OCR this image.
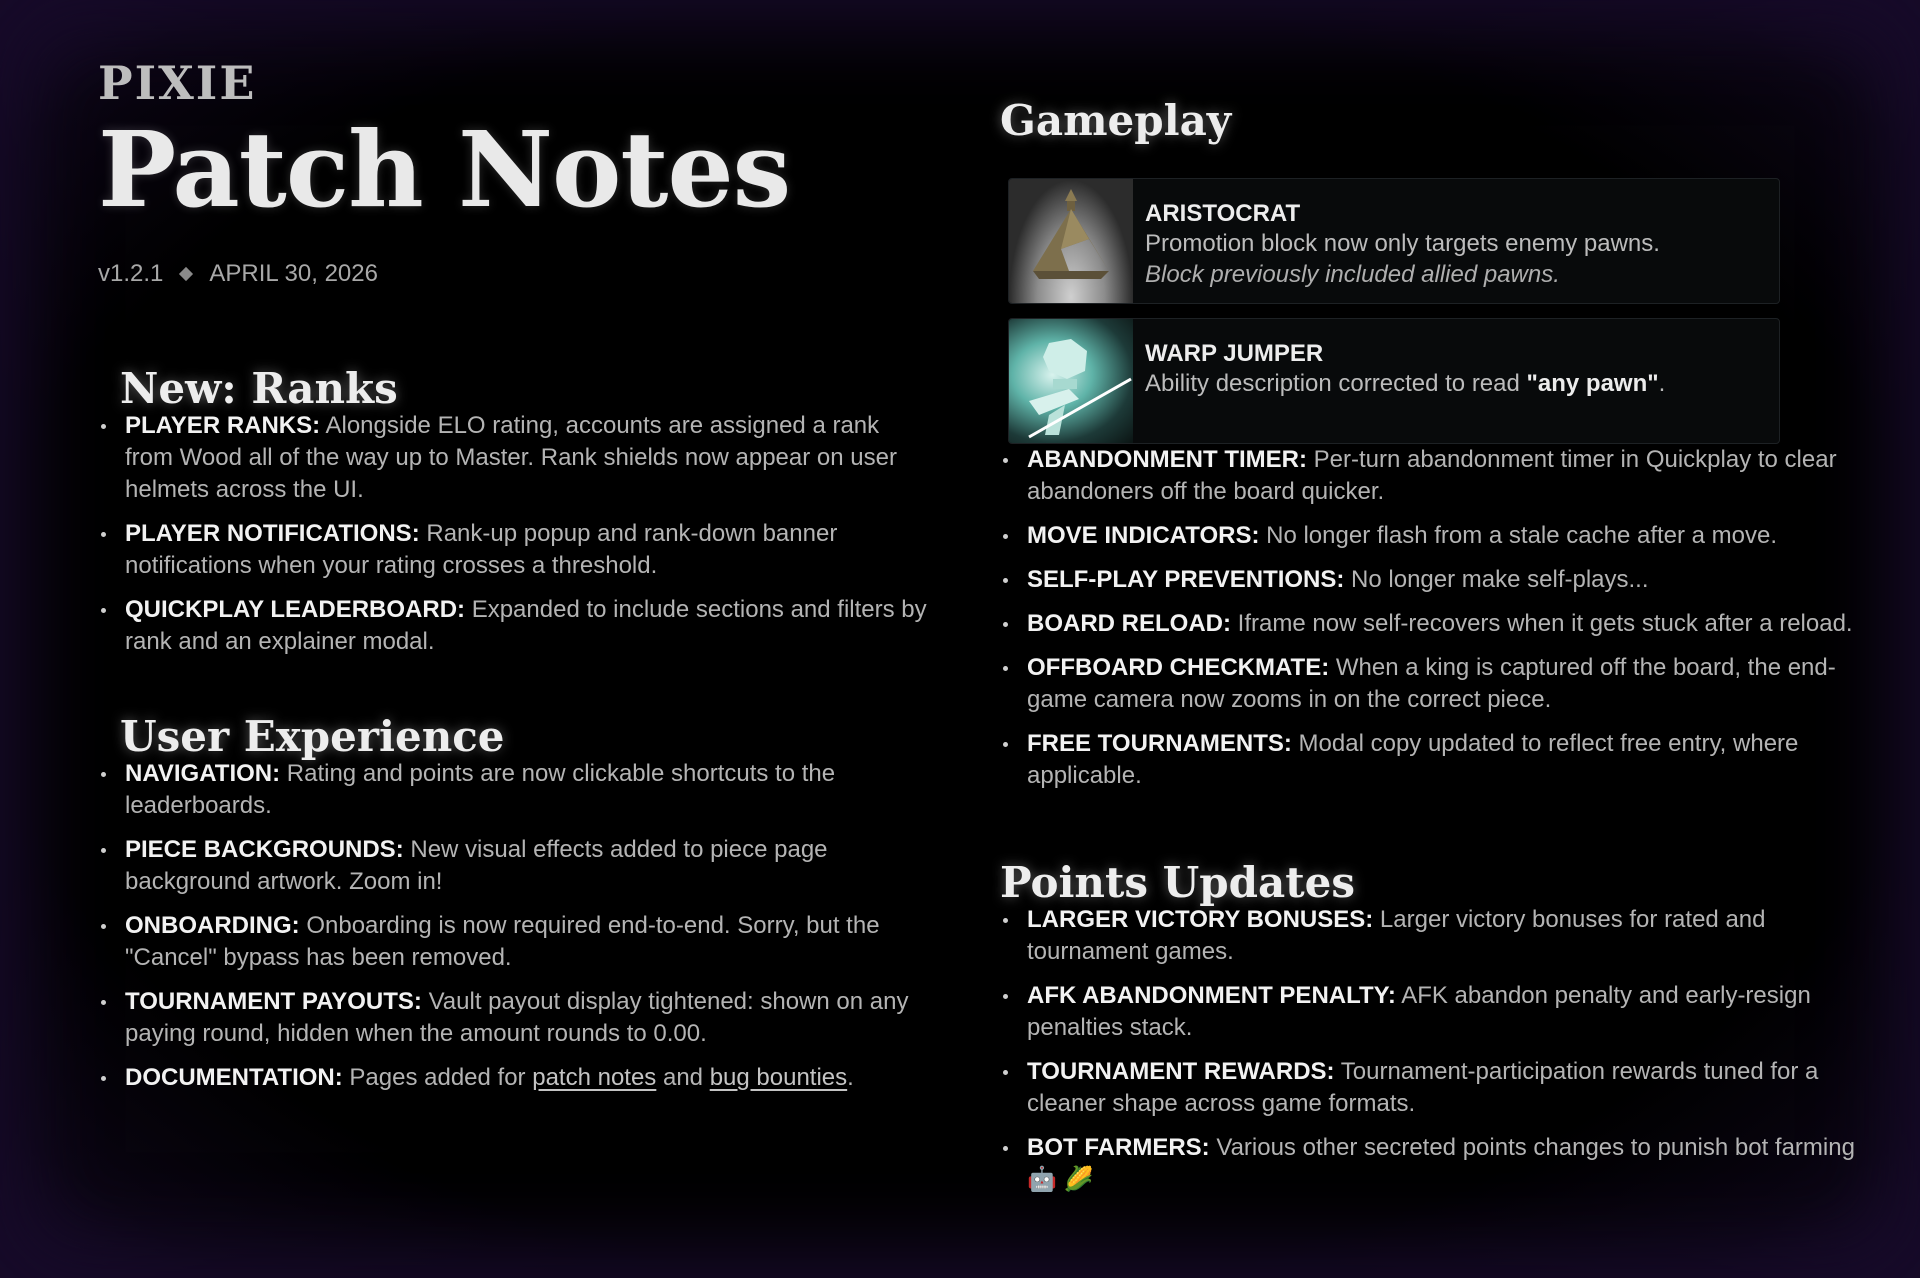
PIXIE
Patch Notes
v1.2.1 APRIL 30, 2026
New: Ranks
PLAYER RANKS: Alongside ELO rating, accounts are assigned a rank from Wood all of the way up to Master. Rank shields now appear on user helmets across the UI.
PLAYER NOTIFICATIONS: Rank-up popup and rank-down banner notifications when your rating crosses a threshold.
QUICKPLAY LEADERBOARD: Expanded to include sections and filters by rank and an explainer modal.
User Experience
NAVIGATION: Rating and points are now clickable shortcuts to the leaderboards.
PIECE BACKGROUNDS: New visual effects added to piece page background artwork. Zoom in!
ONBOARDING: Onboarding is now required end-to-end. Sorry, but the "Cancel" bypass has been removed.
TOURNAMENT PAYOUTS: Vault payout display tightened: shown on any paying round, hidden when the amount rounds to 0.00.
DOCUMENTATION: Pages added for patch notes and bug bounties.
Gameplay
ARISTOCRAT
Promotion block now only targets enemy pawns.
Block previously included allied pawns.
WARP JUMPER
Ability description corrected to read "any pawn".
ABANDONMENT TIMER: Per-turn abandonment timer in Quickplay to clear abandoners off the board quicker.
MOVE INDICATORS: No longer flash from a stale cache after a move.
SELF-PLAY PREVENTIONS: No longer make self-plays...
BOARD RELOAD: Iframe now self-recovers when it gets stuck after a reload.
OFFBOARD CHECKMATE: When a king is captured off the board, the end-game camera now zooms in on the correct piece.
FREE TOURNAMENTS: Modal copy updated to reflect free entry, where applicable.
Points Updates
LARGER VICTORY BONUSES: Larger victory bonuses for rated and tournament games.
AFK ABANDONMENT PENALTY: AFK abandon penalty and early-resign penalties stack.
TOURNAMENT REWARDS: Tournament-participation rewards tuned for a cleaner shape across game formats.
BOT FARMERS: Various other secreted points changes to punish bot farming 🤖 🌽
